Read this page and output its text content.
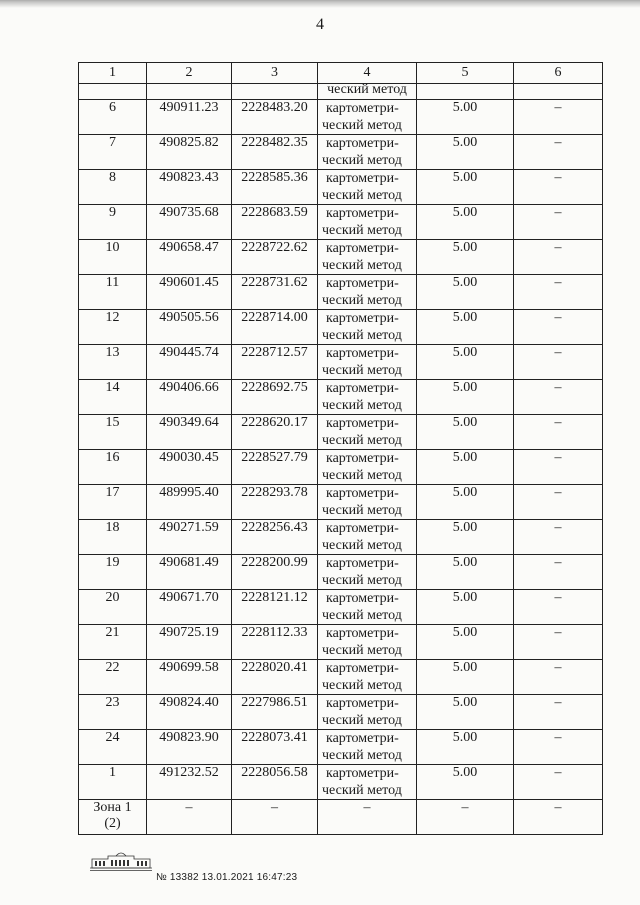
4
1	2	3	4	5	6
			ческий метод		
6	490911.23	2228483.20	картометри-
ческий метод	5.00	–
7	490825.82	2228482.35	картометри-
ческий метод	5.00	–
8	490823.43	2228585.36	картометри-
ческий метод	5.00	–
9	490735.68	2228683.59	картометри-
ческий метод	5.00	–
10	490658.47	2228722.62	картометри-
ческий метод	5.00	–
11	490601.45	2228731.62	картометри-
ческий метод	5.00	–
12	490505.56	2228714.00	картометри-
ческий метод	5.00	–
13	490445.74	2228712.57	картометри-
ческий метод	5.00	–
14	490406.66	2228692.75	картометри-
ческий метод	5.00	–
15	490349.64	2228620.17	картометри-
ческий метод	5.00	–
16	490030.45	2228527.79	картометри-
ческий метод	5.00	–
17	489995.40	2228293.78	картометри-
ческий метод	5.00	–
18	490271.59	2228256.43	картометри-
ческий метод	5.00	–
19	490681.49	2228200.99	картометри-
ческий метод	5.00	–
20	490671.70	2228121.12	картометри-
ческий метод	5.00	–
21	490725.19	2228112.33	картометри-
ческий метод	5.00	–
22	490699.58	2228020.41	картометри-
ческий метод	5.00	–
23	490824.40	2227986.51	картометри-
ческий метод	5.00	–
24	490823.90	2228073.41	картометри-
ческий метод	5.00	–
1	491232.52	2228056.58	картометри-
ческий метод	5.00	–
Зона 1
(2)	–	–	–	–	–
№ 13382 13.01.2021 16:47:23
